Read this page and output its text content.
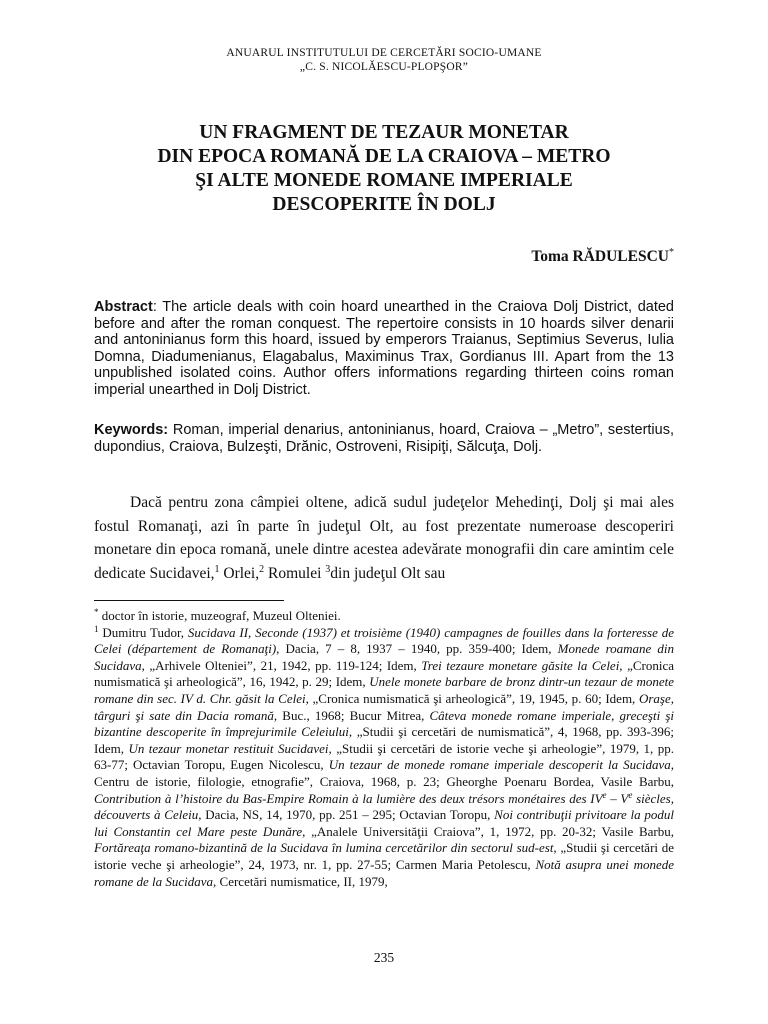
ANUARUL INSTITUTULUI DE CERCETĂRI SOCIO-UMANE
„C. S. NICOLĂESCU-PLOPŞOR”
UN FRAGMENT DE TEZAUR MONETAR
DIN EPOCA ROMANĂ DE LA CRAIOVA – METRO
ŞI ALTE MONEDE ROMANE IMPERIALE
DESCOPERITE ÎN DOLJ
Toma RĂDULESCU*
Abstract: The article deals with coin hoard unearthed in the Craiova Dolj District, dated before and after the roman conquest. The repertoire consists in 10 hoards silver denarii and antoninianus form this hoard, issued by emperors Traianus, Septimius Severus, Iulia Domna, Diadumenianus, Elagabalus, Maximinus Trax, Gordianus III. Apart from the 13 unpublished isolated coins. Author offers informations regarding thirteen coins roman imperial unearthed in Dolj District.
Keywords: Roman, imperial denarius, antoninianus, hoard, Craiova – „Metro”, sestertius, dupondius, Craiova, Bulzeşti, Drănic, Ostroveni, Risipiţi, Sălcuţa, Dolj.
Dacă pentru zona câmpiei oltene, adică sudul judeţelor Mehedinţi, Dolj şi mai ales fostul Romanaţi, azi în parte în judeţul Olt, au fost prezentate numeroase descoperiri monetare din epoca romană, unele dintre acestea adevărate monografii din care amintim cele dedicate Sucidavei,$^1$ Orlei,$^2$ Romulei $^3$din judeţul Olt sau

* doctor în istorie, muzeograf, Muzeul Olteniei.

$^1$ Dumitru Tudor, Sucidava II, Seconde (1937) et troisième (1940) campagnes de fouilles dans la forteresse de Celei (département de Romanaţi), Dacia, 7 – 8, 1937 – 1940, pp. 359-400; Idem, Monede roamane din Sucidava, „Arhivele Olteniei”, 21, 1942, pp. 119-124; Idem, Trei tezaure monetare găsite la Celei, „Cronica numismatică şi arheologică”, 16, 1942, p. 29; Idem, Unele monete barbare de bronz dintr-un tezaur de monete romane din sec. IV d. Chr. găsit la Celei, „Cronica numismatică şi arheologică”, 19, 1945, p. 60; Idem, Oraşe, târguri şi sate din Dacia romană, Buc., 1968; Bucur Mitrea, Câteva monede romane imperiale, greceşti şi bizantine descoperite în împrejurimile Celeiului, „Studii şi cercetări de numismatică”, 4, 1968, pp. 393-396; Idem, Un tezaur monetar restituit Sucidavei, „Studii şi cercetări de istorie veche şi arheologie”, 1979, 1, pp. 63-77; Octavian Toropu, Eugen Nicolescu, Un tezaur de monede romane imperiale descoperit la Sucidava, Centru de istorie, filologie, etnografie”, Craiova, 1968, p. 23; Gheorghe Poenaru Bordea, Vasile Barbu, Contribution à l’histoire du Bas-Empire Romain à la lumière des deux trésors monétaires des IVe – Ve siècles, découverts à Celeiu, Dacia, NS, 14, 1970, pp. 251 – 295; Octavian Toropu, Noi contribuţii privitoare la podul lui Constantin cel Mare peste Dunăre, „Analele Universităţii Craiova”, 1, 1972, pp. 20-32; Vasile Barbu, Fortăreaţa romano-bizantină de la Sucidava în lumina cercetărilor din sectorul sud-est, „Studii şi cercetări de istorie veche şi arheologie”, 24, 1973, nr. 1, pp. 27-55; Carmen Maria Petolescu, Notă asupra unei monede romane de la Sucidava, Cercetări numismatice, II, 1979,

235
